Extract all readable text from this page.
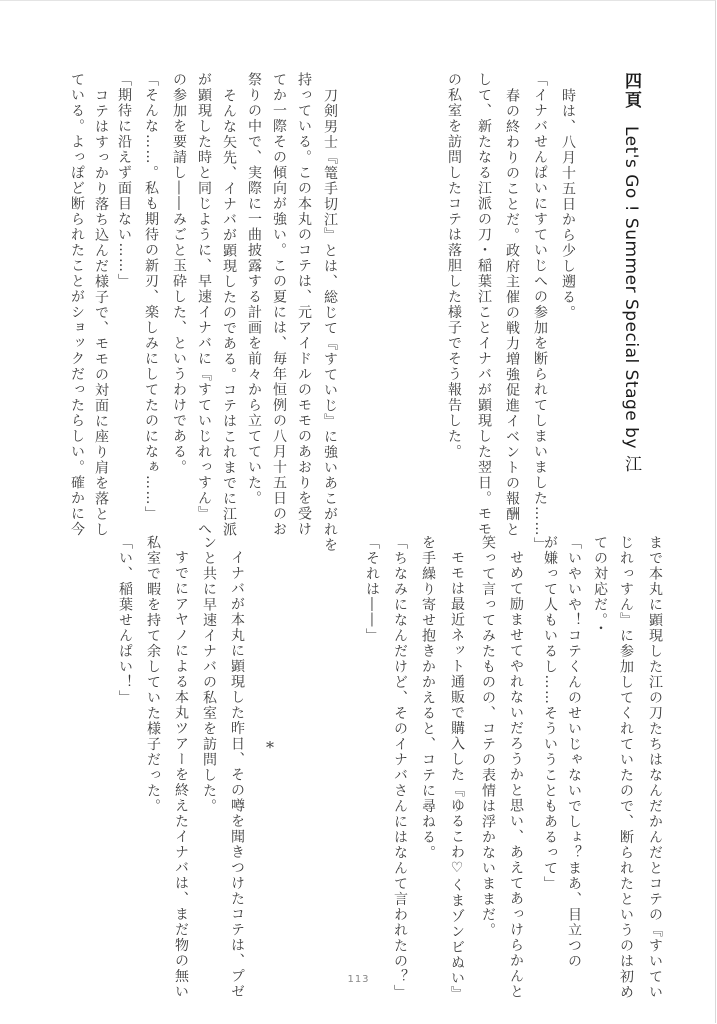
四頁Let's Go ! Summer Special Stage by 江
時は、八月十五日から少し遡る。
「イナバせんぱいにすていじへの参加を断られてしまいました……」
春の終わりのことだ。政府主催の戦力増強促進イベントの報酬と
して、新たなる江派の刀・稲葉江ことイナバが顕現した翌日。モモ
の私室を訪問したコテは落胆した様子でそう報告した。
刀剣男士『篭手切江』とは、総じて『すていじ』に強いあこがれを
持っている。この本丸のコテは、元アイドルのモモのあおりを受け
てか一際その傾向が強い。この夏には、毎年恒例の八月十五日のお
祭りの中で、実際に一曲披露する計画を前々から立てていた。
そんな矢先、イナバが顕現したのである。コテはこれまでに江派
が顕現した時と同じように、早速イナバに『すていじれっすん』へ
の参加を要請し――みごと玉砕した、というわけである。
「そんな……。私も期待の新刃、楽しみにしてたのになぁ……」
「期待に沿えず面目ない……」
コテはすっかり落ち込んだ様子で、モモの対面に座り肩を落とし
ている。よっぽど断られたことがショックだったらしい。確かに今
まで本丸に顕現した江の刀たちはなんだかんだとコテの『すいてい
じれっすん』に参加してくれていたので、断られたというのは初め
ての対応だ。・
「いやいや！コテくんのせいじゃないでしょ？まあ、目立つの
が嫌って人もいるし……そういうこともあるって」
せめて励ませてやれないだろうかと思い、あえてあっけらかんと
笑って言ってみたものの、コテの表情は浮かないままだ。
モモは最近ネット通販で購入した『ゆるこわ♡くまゾンビぬい』
を手繰り寄せ抱きかかえると、コテに尋ねる。
「ちなみになんだけど、そのイナバさんにはなんて言われたの？」
「それは――」
イナバが本丸に顕現した昨日、その噂を聞きつけたコテは、プゼ
ンと共に早速イナバの私室を訪問した。
すでにアヤノによる本丸ツアーを終えたイナバは、まだ物の無い
私室で暇を持て余していた様子だった。
「い、稲葉せんぱい！」
*
113
